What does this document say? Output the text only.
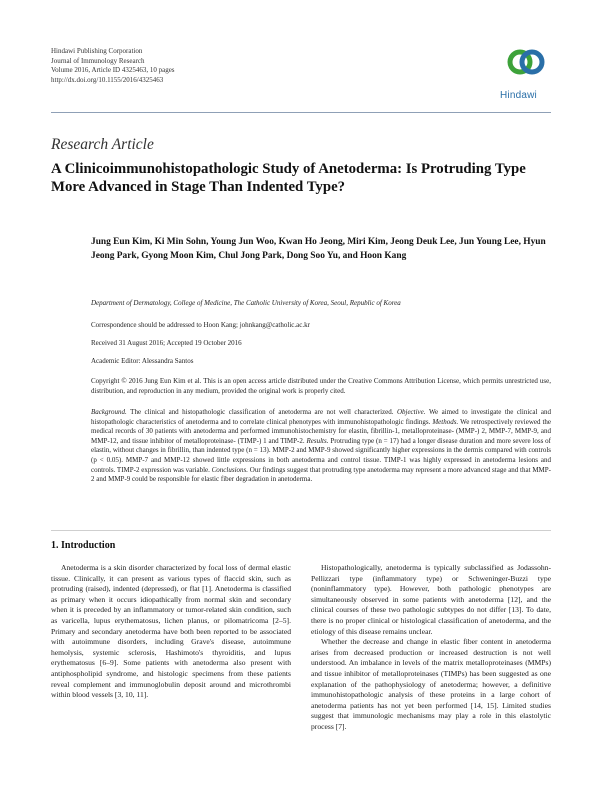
Hindawi Publishing Corporation
Journal of Immunology Research
Volume 2016, Article ID 4325463, 10 pages
http://dx.doi.org/10.1155/2016/4325463
Hindawi
Research Article
A Clinicoimmunohistopathologic Study of Anetoderma: Is Protruding Type More Advanced in Stage Than Indented Type?
Jung Eun Kim, Ki Min Sohn, Young Jun Woo, Kwan Ho Jeong, Miri Kim, Jeong Deuk Lee, Jun Young Lee, Hyun Jeong Park, Gyong Moon Kim, Chul Jong Park, Dong Soo Yu, and Hoon Kang
Department of Dermatology, College of Medicine, The Catholic University of Korea, Seoul, Republic of Korea
Correspondence should be addressed to Hoon Kang; johnkang@catholic.ac.kr
Received 31 August 2016; Accepted 19 October 2016
Academic Editor: Alessandra Santos
Copyright © 2016 Jung Eun Kim et al. This is an open access article distributed under the Creative Commons Attribution License, which permits unrestricted use, distribution, and reproduction in any medium, provided the original work is properly cited.
Background. The clinical and histopathologic classification of anetoderma are not well characterized. Objective. We aimed to investigate the clinical and histopathologic characteristics of anetoderma and to correlate clinical phenotypes with immunohistopathologic findings. Methods. We retrospectively reviewed the medical records of 30 patients with anetoderma and performed immunohistochemistry for elastin, fibrillin-1, metalloproteinase- (MMP-) 2, MMP-7, MMP-9, and MMP-12, and tissue inhibitor of metalloproteinase- (TIMP-) 1 and TIMP-2. Results. Protruding type (n = 17) had a longer disease duration and more severe loss of elastin, without changes in fibrillin, than indented type (n = 13). MMP-2 and MMP-9 showed significantly higher expressions in the dermis compared with controls (p < 0.05). MMP-7 and MMP-12 showed little expressions in both anetoderma and control tissue. TIMP-1 was highly expressed in anetoderma lesions and controls. TIMP-2 expression was variable. Conclusions. Our findings suggest that protruding type anetoderma may represent a more advanced stage and that MMP-2 and MMP-9 could be responsible for elastic fiber degradation in anetoderma.
1. Introduction

Anetoderma is a skin disorder characterized by focal loss of dermal elastic tissue. Clinically, it can present as various types of flaccid skin, such as protruding (raised), indented (depressed), or flat [1]. Anetoderma is classified as primary when it occurs idiopathically from normal skin and secondary when it is preceded by an inflammatory or tumor-related skin condition, such as varicella, lupus erythematosus, lichen planus, or pilomatricoma [2–5]. Primary and secondary anetoderma have both been reported to be associated with autoimmune disorders, including Grave's disease, autoimmune hemolysis, systemic sclerosis, Hashimoto's thyroiditis, and lupus erythematosus [6–9]. Some patients with anetoderma also present with antiphospholipid syndrome, and histologic specimens from these patients reveal complement and immunoglobulin deposit around and microthrombi within blood vessels [3, 10, 11].

Histopathologically, anetoderma is typically subclassified as Jodassohn-Pellizzari type (inflammatory type) or Schweninger-Buzzi type (noninflammatory type). However, both pathologic phenotypes are simultaneously observed in some patients with anetoderma [12], and the clinical courses of these two pathologic subtypes do not differ [13]. To date, there is no proper clinical or histological classification of anetoderma, and the etiology of this disease remains unclear.

Whether the decrease and change in elastic fiber content in anetoderma arises from decreased production or increased destruction is not well understood. An imbalance in levels of the matrix metalloproteinases (MMPs) and tissue inhibitor of metalloproteinases (TIMPs) has been suggested as one explanation of the pathophysiology of anetoderma; however, a definitive immunohistopathologic analysis of these proteins in a large cohort of anetoderma patients has not yet been performed [14, 15]. Limited studies suggest that immunologic mechanisms may play a role in this elastolytic process [7].
